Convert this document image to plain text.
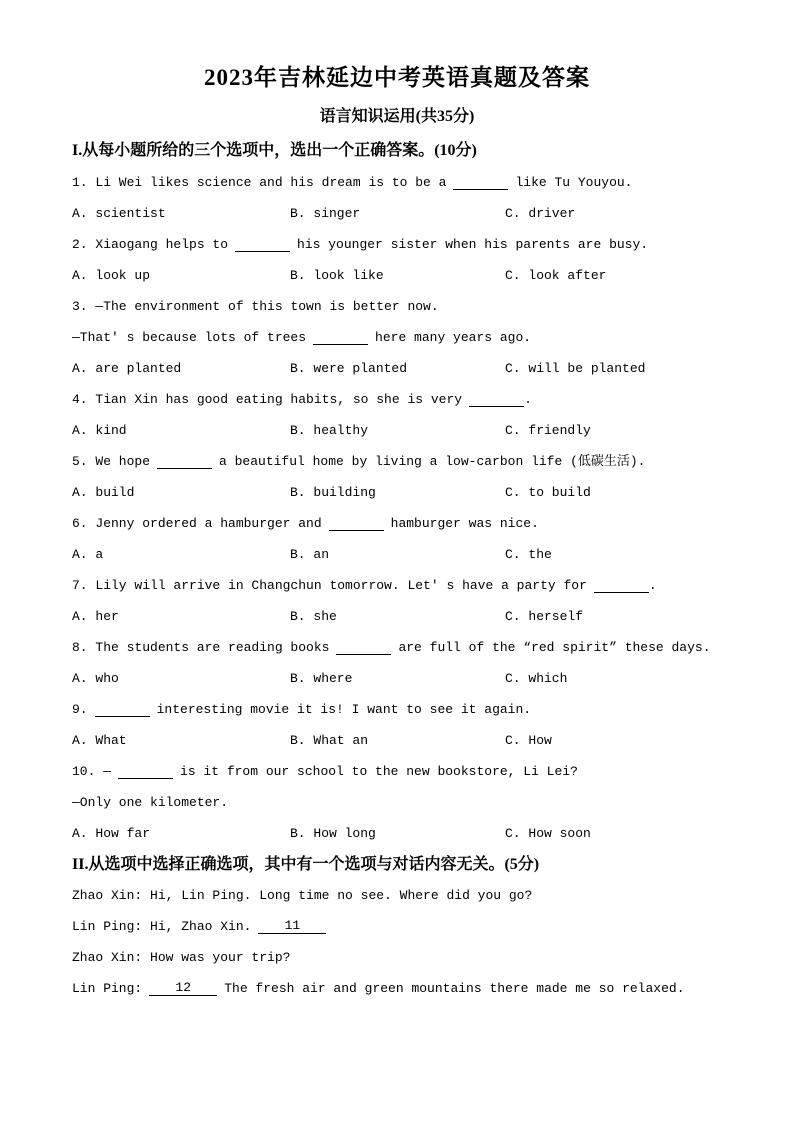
2023年吉林延边中考英语真题及答案
语言知识运用(共35分)
I.从每小题所给的三个选项中，选出一个正确答案。(10分)
1. Li Wei likes science and his dream is to be a	like Tu Youyou.
A. scientist	B. singer	C. driver
2. Xiaogang helps to	his younger sister when his parents are busy.
A. look up	B. look like	C. look after
3. —The environment of this town is better now.
—That' s because lots of trees	here many years ago.
A. are planted	B. were planted	C. will be planted
4. Tian Xin has good eating habits, so she is very	.
A. kind	B. healthy	C. friendly
5. We hope	a beautiful home by living a low-carbon life (低碳生活).
A. build	B. building	C. to build
6. Jenny ordered a hamburger and	hamburger was nice.
A. a	B. an	C. the
7. Lily will arrive in Changchun tomorrow. Let' s have a party for	.
A. her	B. she	C. herself
8. The students are reading books	are full of the “red spirit” these days.
A. who	B. where	C. which
9.	interesting movie it is! I want to see it again.
A. What	B. What an	C. How
10. —	is it from our school to the new bookstore, Li Lei?
—Only one kilometer.
A. How far	B. How long	C. How soon
II.从选项中选择正确选项，其中有一个选项与对话内容无关。(5分)
Zhao Xin: Hi, Lin Ping. Long time no see. Where did you go?
Lin Ping: Hi, Zhao Xin.	11
Zhao Xin: How was your trip?
Lin Ping:	12	The fresh air and green mountains there made me so relaxed.
